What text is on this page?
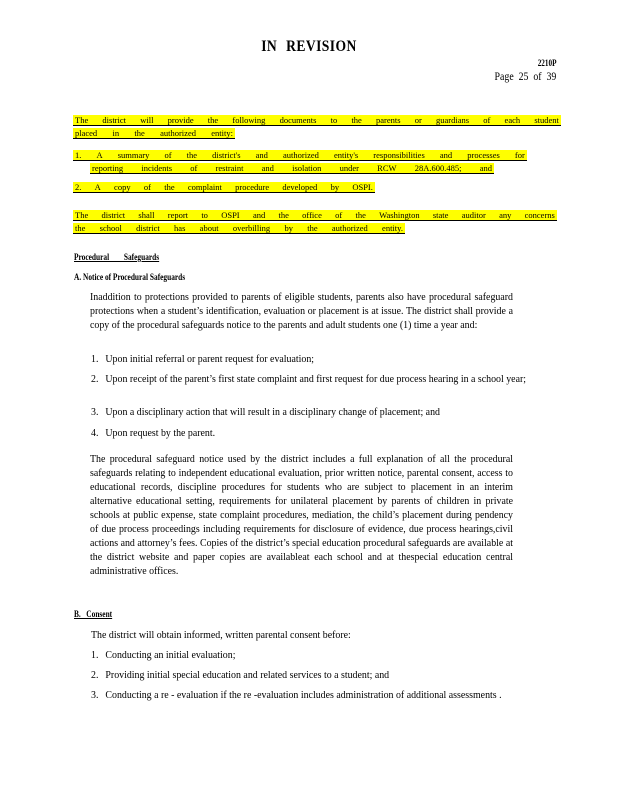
IN REVISION
2210P
Page 25 of 39
The district will provide the following documents to the parents or guardians of each student
placed in the authorized entity:
1. A summary of the district's and authorized entity's responsibilities and processes for
reporting incidents of restraint and isolation under RCW 28A.600.485; and
2. A copy of the complaint procedure developed by OSPI.
The district shall report to OSPI and the office of the Washington state auditor any concerns
the school district has about overbilling by the authorized entity.
Procedural        Safeguards
A. Notice of Procedural Safeguards
Inaddition to protections provided to parents of eligible students, parents also have procedural safeguard protections when a student’s identification, evaluation or placement is at issue. The district shall provide a copy of the procedural safeguards notice to the parents and adult students one (1) time a year and:
1. Upon initial referral or parent request for evaluation;
2. Upon receipt of the parent’s first state complaint and first request for due process hearing in a school year;
3. Upon a disciplinary action that will result in a disciplinary change of placement; and
4. Upon request by the parent.
The procedural safeguard notice used by the district includes a full explanation of all the procedural safeguards relating to independent educational evaluation, prior written notice, parental consent, access to educational records, discipline procedures for students who are subject to placement in an interim alternative educational setting, requirements for unilateral placement by parents of children in private schools at public expense, state complaint procedures, mediation, the child’s placement during pendency of due process proceedings including requirements for disclosure of evidence, due process hearings,civil actions and attorney’s fees. Copies of the district’s special education procedural safeguards are available at the district website and paper copies are availableat each school and at thespecial education central administrative offices.
B.   Consent
The district will obtain informed, written parental consent before:
1. Conducting an initial evaluation;
2. Providing initial special education and related services to a student; and
3. Conducting a re - evaluation if the re -evaluation includes administration of additional assessments .
